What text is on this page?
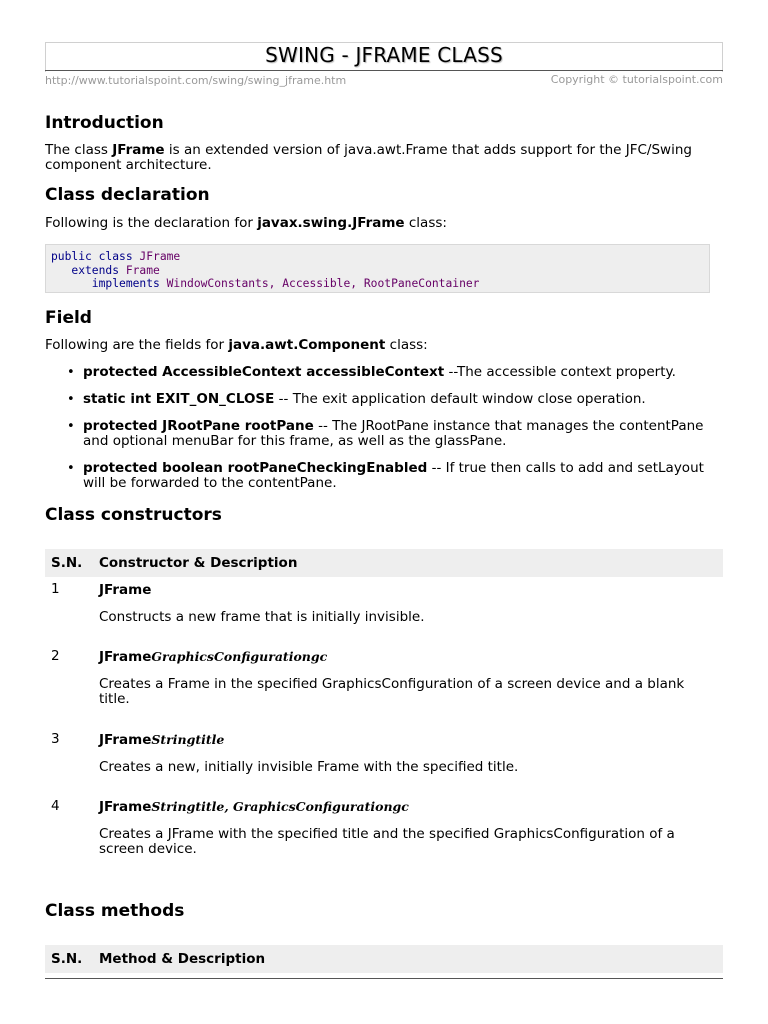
SWING - JFRAME CLASS
http://www.tutorialspoint.com/swing/swing_jframe.htm	Copyright © tutorialspoint.com
Introduction

The class JFrame is an extended version of java.awt.Frame that adds support for the JFC/Swing component architecture.

Class declaration

Following is the declaration for javax.swing.JFrame class:

public class JFrame
extends Frame
implements WindowConstants, Accessible, RootPaneContainer
Field

Following are the fields for java.awt.Component class:

• protected AccessibleContext accessibleContext --The accessible context property.
• static int EXIT_ON_CLOSE -- The exit application default window close operation.
• protected JRootPane rootPane -- The JRootPane instance that manages the contentPane and optional menuBar for this frame, as well as the glassPane.
• protected boolean rootPaneCheckingEnabled -- If true then calls to add and setLayout will be forwarded to the contentPane.
Class constructors
S.N. Constructor & Description
1	JFrame
Constructs a new frame that is initially invisible.
2	JFrameGraphicsConfigurationgc
Creates a Frame in the specified GraphicsConfiguration of a screen device and a blank title.
3	JFrameStringtitle
Creates a new, initially invisible Frame with the specified title.
4	JFrameStringtitle, GraphicsConfigurationgc
Creates a JFrame with the specified title and the specified GraphicsConfiguration of a screen device.
Class methods
S.N. Method & Description
